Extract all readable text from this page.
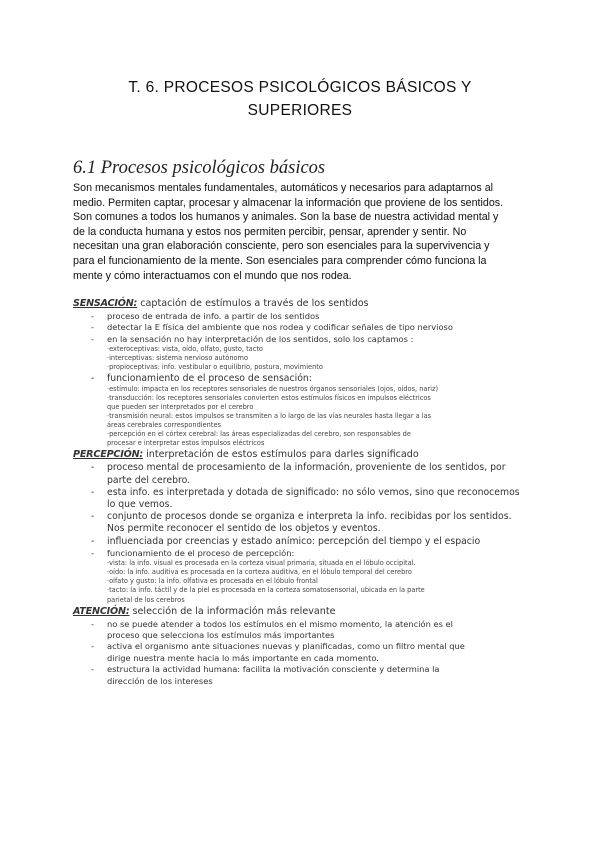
T. 6. PROCESOS PSICOLÓGICOS BÁSICOS Y
SUPERIORES
6.1 Procesos psicológicos básicos
Son mecanismos mentales fundamentales, automáticos y necesarios para adaptarnos al
medio. Permiten captar, procesar y almacenar la información que proviene de los sentidos.
Son comunes a todos los humanos y animales. Son la base de nuestra actividad mental y
de la conducta humana y estos nos permiten percibir, pensar, aprender y sentir. No
necesitan una gran elaboración consciente, pero son esenciales para la supervivencia y
para el funcionamiento de la mente. Son esenciales para comprender cómo funciona la
mente y cómo interactuamos con el mundo que nos rodea.
SENSACIÓN: captación de estímulos a través de los sentidos
- proceso de entrada de info. a partir de los sentidos
- detectar la E física del ambiente que nos rodea y codificar señales de tipo nervioso
- en la sensación no hay interpretación de los sentidos, solo los captamos :
·exteroceptivas: vista, oído, olfato, gusto, tacto
·interceptivas: sistema nervioso autónomo
·propioceptivas: info. vestibular o equilibrio, postura, movimiento
- funcionamiento de el proceso de sensación:
·estímulo: impacta en los receptores sensoriales de nuestros órganos sensoriales (ojos, oídos, nariz)
·transducción: los receptores sensoriales convierten estos estímulos físicos en impulsos eléctricos
que pueden ser interpretados por el cerebro
·transmisión neural: estos impulsos se transmiten a lo largo de las vías neurales hasta llegar a las
áreas cerebrales correspondientes
·percepción en el córtex cerebral: las áreas especializadas del cerebro, son responsables de
procesar e interpretar estos impulsos eléctricos
PERCEPCIÓN: interpretación de estos estímulos para darles significado
- proceso mental de procesamiento de la información, proveniente de los sentidos, por
parte del cerebro.
- esta info. es interpretada y dotada de significado: no sólo vemos, sino que reconocemos
lo que vemos.
- conjunto de procesos donde se organiza e interpreta la info. recibidas por los sentidos.
Nos permite reconocer el sentido de los objetos y eventos.
- influenciada por creencias y estado anímico: percepción del tiempo y el espacio
- funcionamiento de el proceso de percepción:
·vista: la info. visual es procesada en la corteza visual primaria, situada en el lóbulo occipital.
·oído: la info. auditiva es procesada en la corteza auditiva, en el lóbulo temporal del cerebro
·olfato y gusto: la info. olfativa es procesada en el lóbulo frontal
·tacto: la info. táctil y de la piel es procesada en la corteza somatosensorial, ubicada en la parte
parietal de los cerebros
ATENCIÓN: selección de la información más relevante
- no se puede atender a todos los estímulos en el mismo momento, la atención es el
proceso que selecciona los estímulos más importantes
- activa el organismo ante situaciones nuevas y planificadas, como un filtro mental que
dirige nuestra mente hacia lo más importante en cada momento.
- estructura la actividad humana: facilita la motivación consciente y determina la
dirección de los intereses
